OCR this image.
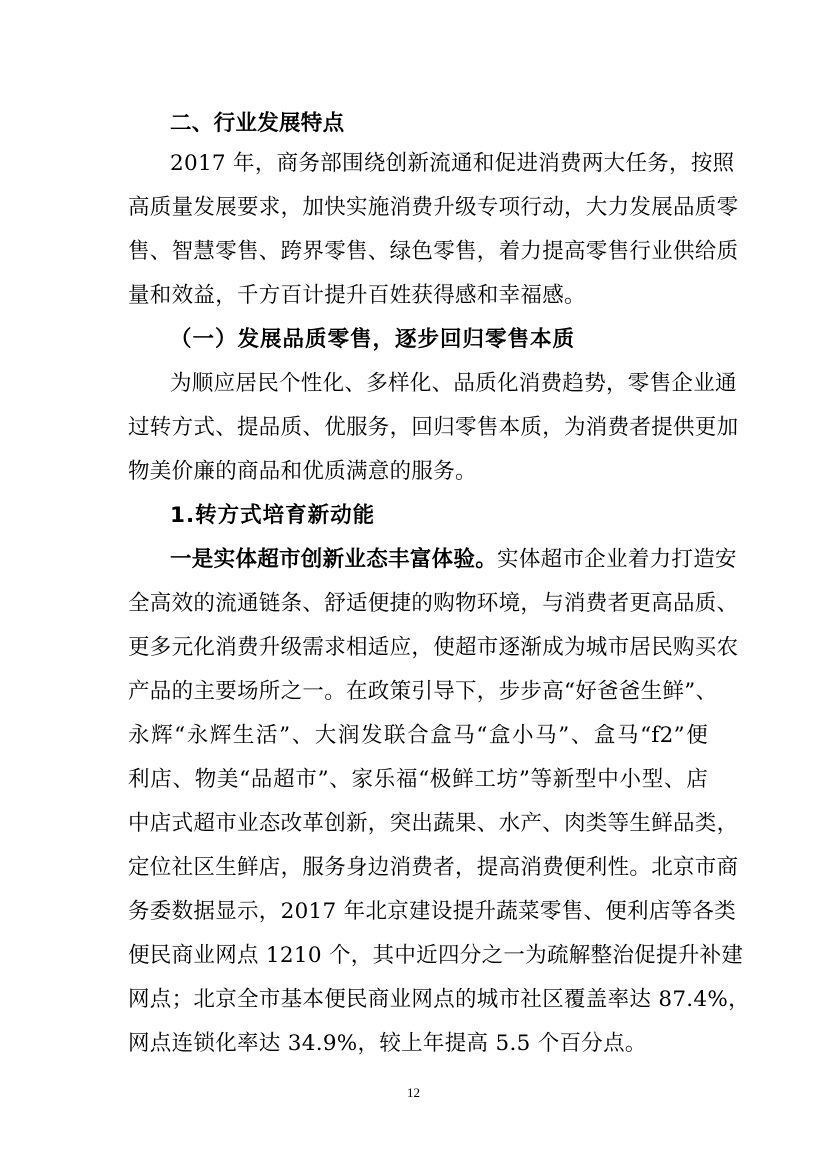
二、行业发展特点
2017 年，商务部围绕创新流通和促进消费两大任务，按照
高质量发展要求，加快实施消费升级专项行动，大力发展品质零
售、智慧零售、跨界零售、绿色零售，着力提高零售行业供给质
量和效益，千方百计提升百姓获得感和幸福感。
（一）发展品质零售，逐步回归零售本质
为顺应居民个性化、多样化、品质化消费趋势，零售企业通
过转方式、提品质、优服务，回归零售本质，为消费者提供更加
物美价廉的商品和优质满意的服务。
1.转方式培育新动能
一是实体超市创新业态丰富体验。实体超市企业着力打造安
全高效的流通链条、舒适便捷的购物环境，与消费者更高品质、
更多元化消费升级需求相适应，使超市逐渐成为城市居民购买农
产品的主要场所之一。在政策引导下，步步高“好爸爸生鲜”、
永辉“永辉生活”、大润发联合盒马“盒小马”、盒马“f2”便
利店、物美“品超市”、家乐福“极鲜工坊”等新型中小型、店
中店式超市业态改革创新，突出蔬果、水产、肉类等生鲜品类，
定位社区生鲜店，服务身边消费者，提高消费便利性。北京市商
务委数据显示，2017 年北京建设提升蔬菜零售、便利店等各类
便民商业网点 1210 个，其中近四分之一为疏解整治促提升补建
网点；北京全市基本便民商业网点的城市社区覆盖率达 87.4%，
网点连锁化率达 34.9%，较上年提高 5.5 个百分点。
12
